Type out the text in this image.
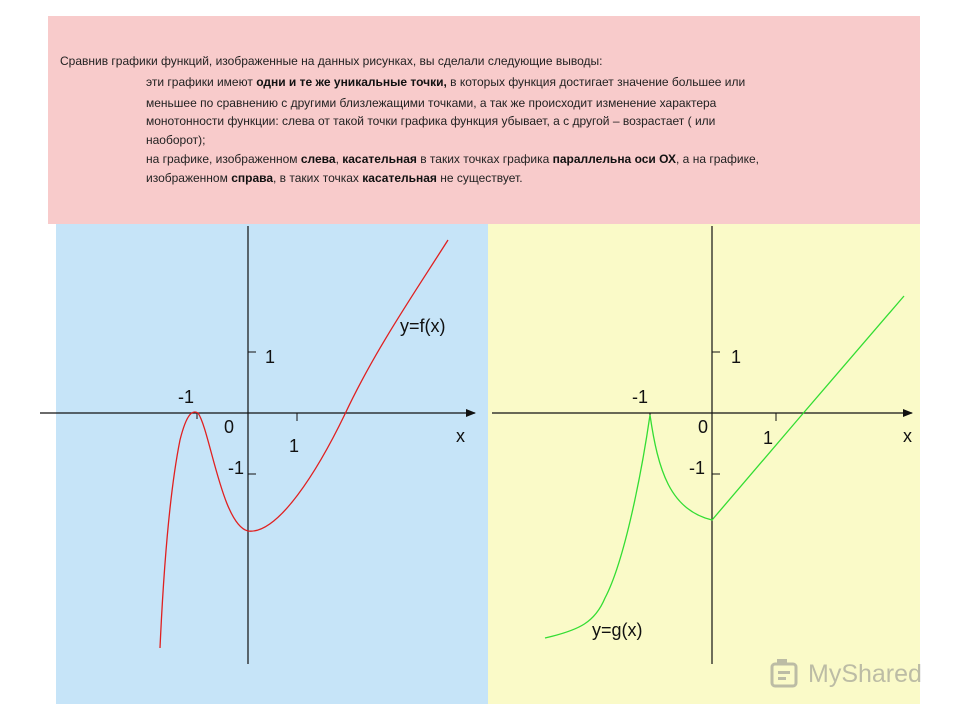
Сравнив графики функций, изображенные на данных рисунках, вы сделали следующие выводы:
эти графики имеют одни и те же уникальные точки, в которых функция достигает значение большее или
меньшее по сравнению с другими близлежащими точками, а так же происходит изменение характера
монотонности функции: слева от такой точки графика функция убывает, а с другой – возрастает ( или
наоборот);
на графике, изображенном слева, касательная в таких точках графика параллельна оси ОХ, а на графике,
изображенном справа, в таких точках касательная не существует.
y=f(x)
x
0
1
1
-1
-1
y=g(x)
x
0
1
1
-1
-1
MyShared
